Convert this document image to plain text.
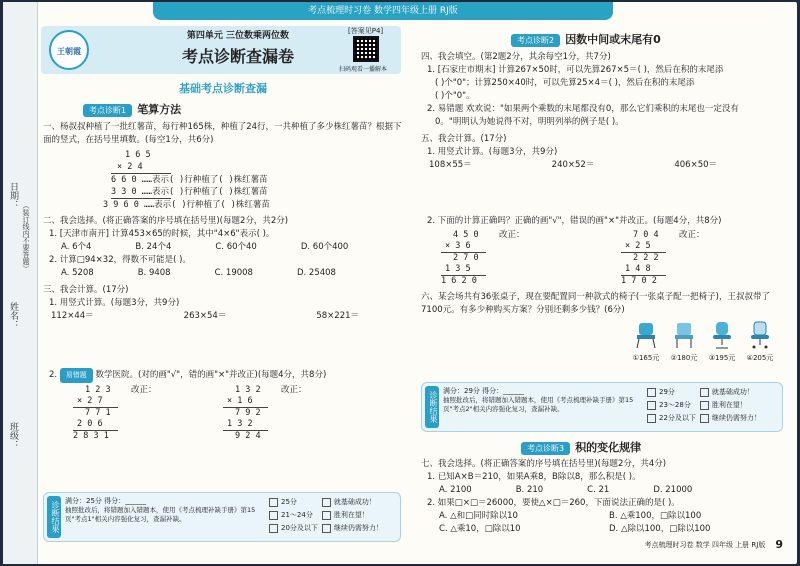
日期：
姓名：
班级：
（装订线内不要答题）
考点梳理时习卷 数学四年级上册 RJ版
王朝霞
第四单元 三位数乘两位数
考点诊断查漏卷
[答案见P4]
扫码观看一播解本
基础考点诊断查漏
考点诊断1 笔算方法
一、杨叔叔种植了一批红薯苗，每行种165株，种植了24行，一共种植了多少株红薯苗？根据下面的竖式，在括号里填数。(每空1分，共6分)
1 6 5
× 2 4
6 6 0 ……表示( )行种植了( )株红薯苗
3 3 0 ……表示( )行种植了( )株红薯苗
3 9 6 0 ……表示( )行种植了( )株红薯苗
二、我会选择。(将正确答案的序号填在括号里)(每题2分，共2分)
1. [天津市南开] 计算453×65的时候，其中"4×6"表示( )。
A. 6个4	B. 24个4	C. 60个40	D. 60个400
2. 计算□94×32，得数不可能是( )。
A. 5208	B. 9408	C. 19008	D. 25408
三、我会计算。(17分)
1. 用竖式计算。(每题3分，共9分)
112×44＝	263×54＝	58×221＝
2. 易错题 数学医院。(对的画"√"，错的画"×"并改正)(每题4分，共8分)
1 2 3
× 2 7
7 7 1
2 0 6
2 8 3 1
改正：	1 3 2
× 1 6
7 9 2
1 3 2
9 2 4
改正：
诊断结果 满分：25分 得分：______
抽照批改后，将错题加入错题本，使用《考点梳理补缺手册》第15页"考点1"相关内容强化复习，查漏补缺。
25分
21～24分
20分及以下
就基础成功！
胜利在望！
继续仍需努力！
考点诊断2 因数中间或末尾有0
四、我会填空。(第2题2分，其余每空1分，共7分)
1. [石家庄市期末] 计算267×50时，可以先算267×5＝( )，然后在积的末尾添
( )个"0"；计算250×40时，可以先算25×4＝( )，然后在积的末尾添
( )个"0"。
2. 易错题 欢欢说："如果两个乘数的末尾都没有0，那么它们乘积的末尾也一定没有
0。"明明认为她说得不对，明明列举的例子是( )。
五、我会计算。(17分)
1. 用竖式计算。(每题3分，共9分)
108×55＝	240×52＝	406×50＝
2. 下面的计算正确吗？正确的画"√"，错误的画"×"并改正。(每题4分，共8分)
4 5 0
× 3 6
2 7 0
1 3 5
1 6 2 0
改正：	7 0 4
× 2 5
2 2 2
1 4 8
1 7 0 2
改正：
六、某会场共有36张桌子，现在要配置同一种款式的椅子(一张桌子配一把椅子)，王叔叔带了7100元。有多少种购买方案？分别还剩多少钱？(6分)
①165元 ②180元 ③195元 ④205元
诊断结果 满分：29分 得分：______
抽照批改后，将错题加入错题本，使用《考点梳理补缺手册》第15页"考点2"相关内容强化复习，查漏补缺。
29分
23～28分
22分及以下
就基础成功！
胜利在望！
继续仍需努力！
考点诊断3 积的变化规律
七、我会选择。(将正确答案的序号填在括号里)(每题2分，共4分)
1. 已知A×B＝210，如果A乘8，B除以8，那么积是( )。
A. 2100	B. 210	C. 21	D. 21000
2. 如果□×□＝26000，要使△×□＝260，下面说法正确的是( )。
A. △和□同时除以10	B. △乘100，□除以100
C. △乘10，□除以10	D. △除以100，□除以100
考点梳理时习卷 数学 四年级 上册 RJ版 9
